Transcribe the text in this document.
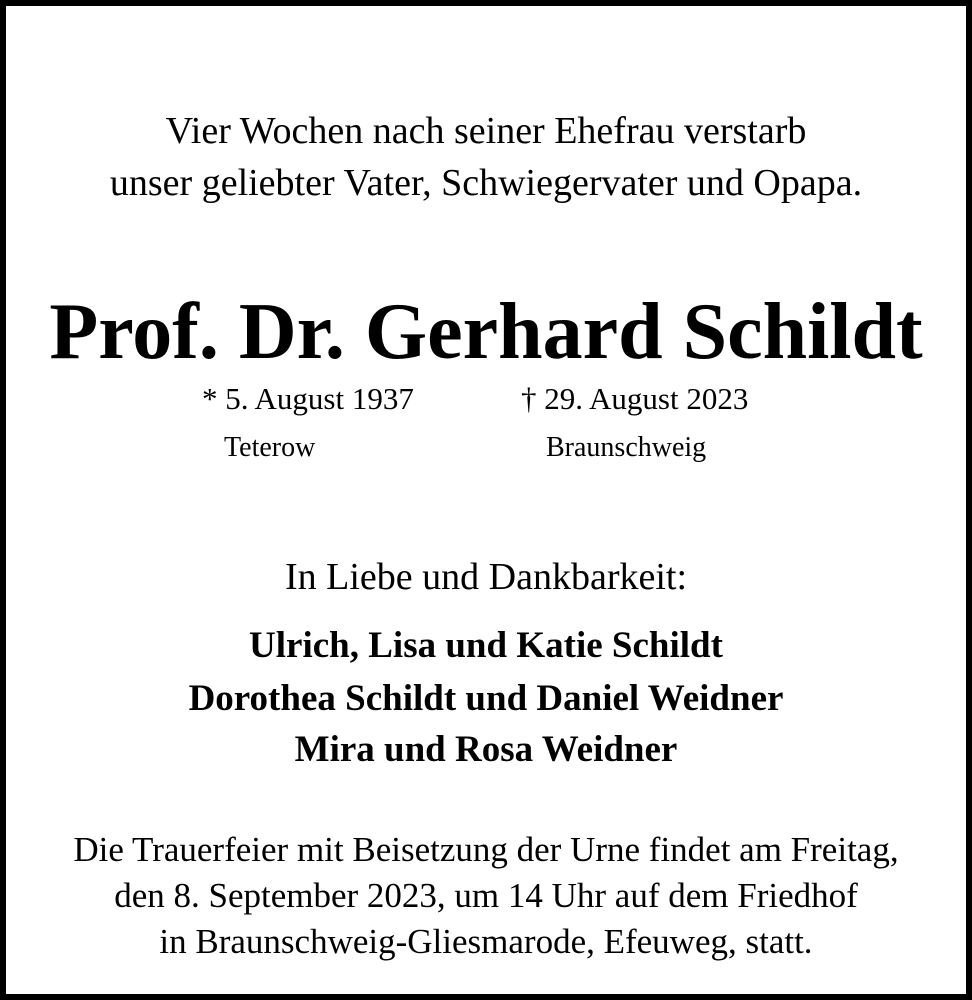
Vier Wochen nach seiner Ehefrau verstarb
unser geliebter Vater, Schwiegervater und Opapa.
Prof. Dr. Gerhard Schildt
* 5. August 1937	† 29. August 2023
Teterow	Braunschweig
In Liebe und Dankbarkeit:
Ulrich, Lisa und Katie Schildt
Dorothea Schildt und Daniel Weidner
Mira und Rosa Weidner
Die Trauerfeier mit Beisetzung der Urne findet am Freitag,
den 8. September 2023, um 14 Uhr auf dem Friedhof
in Braunschweig-Gliesmarode, Efeuweg, statt.
